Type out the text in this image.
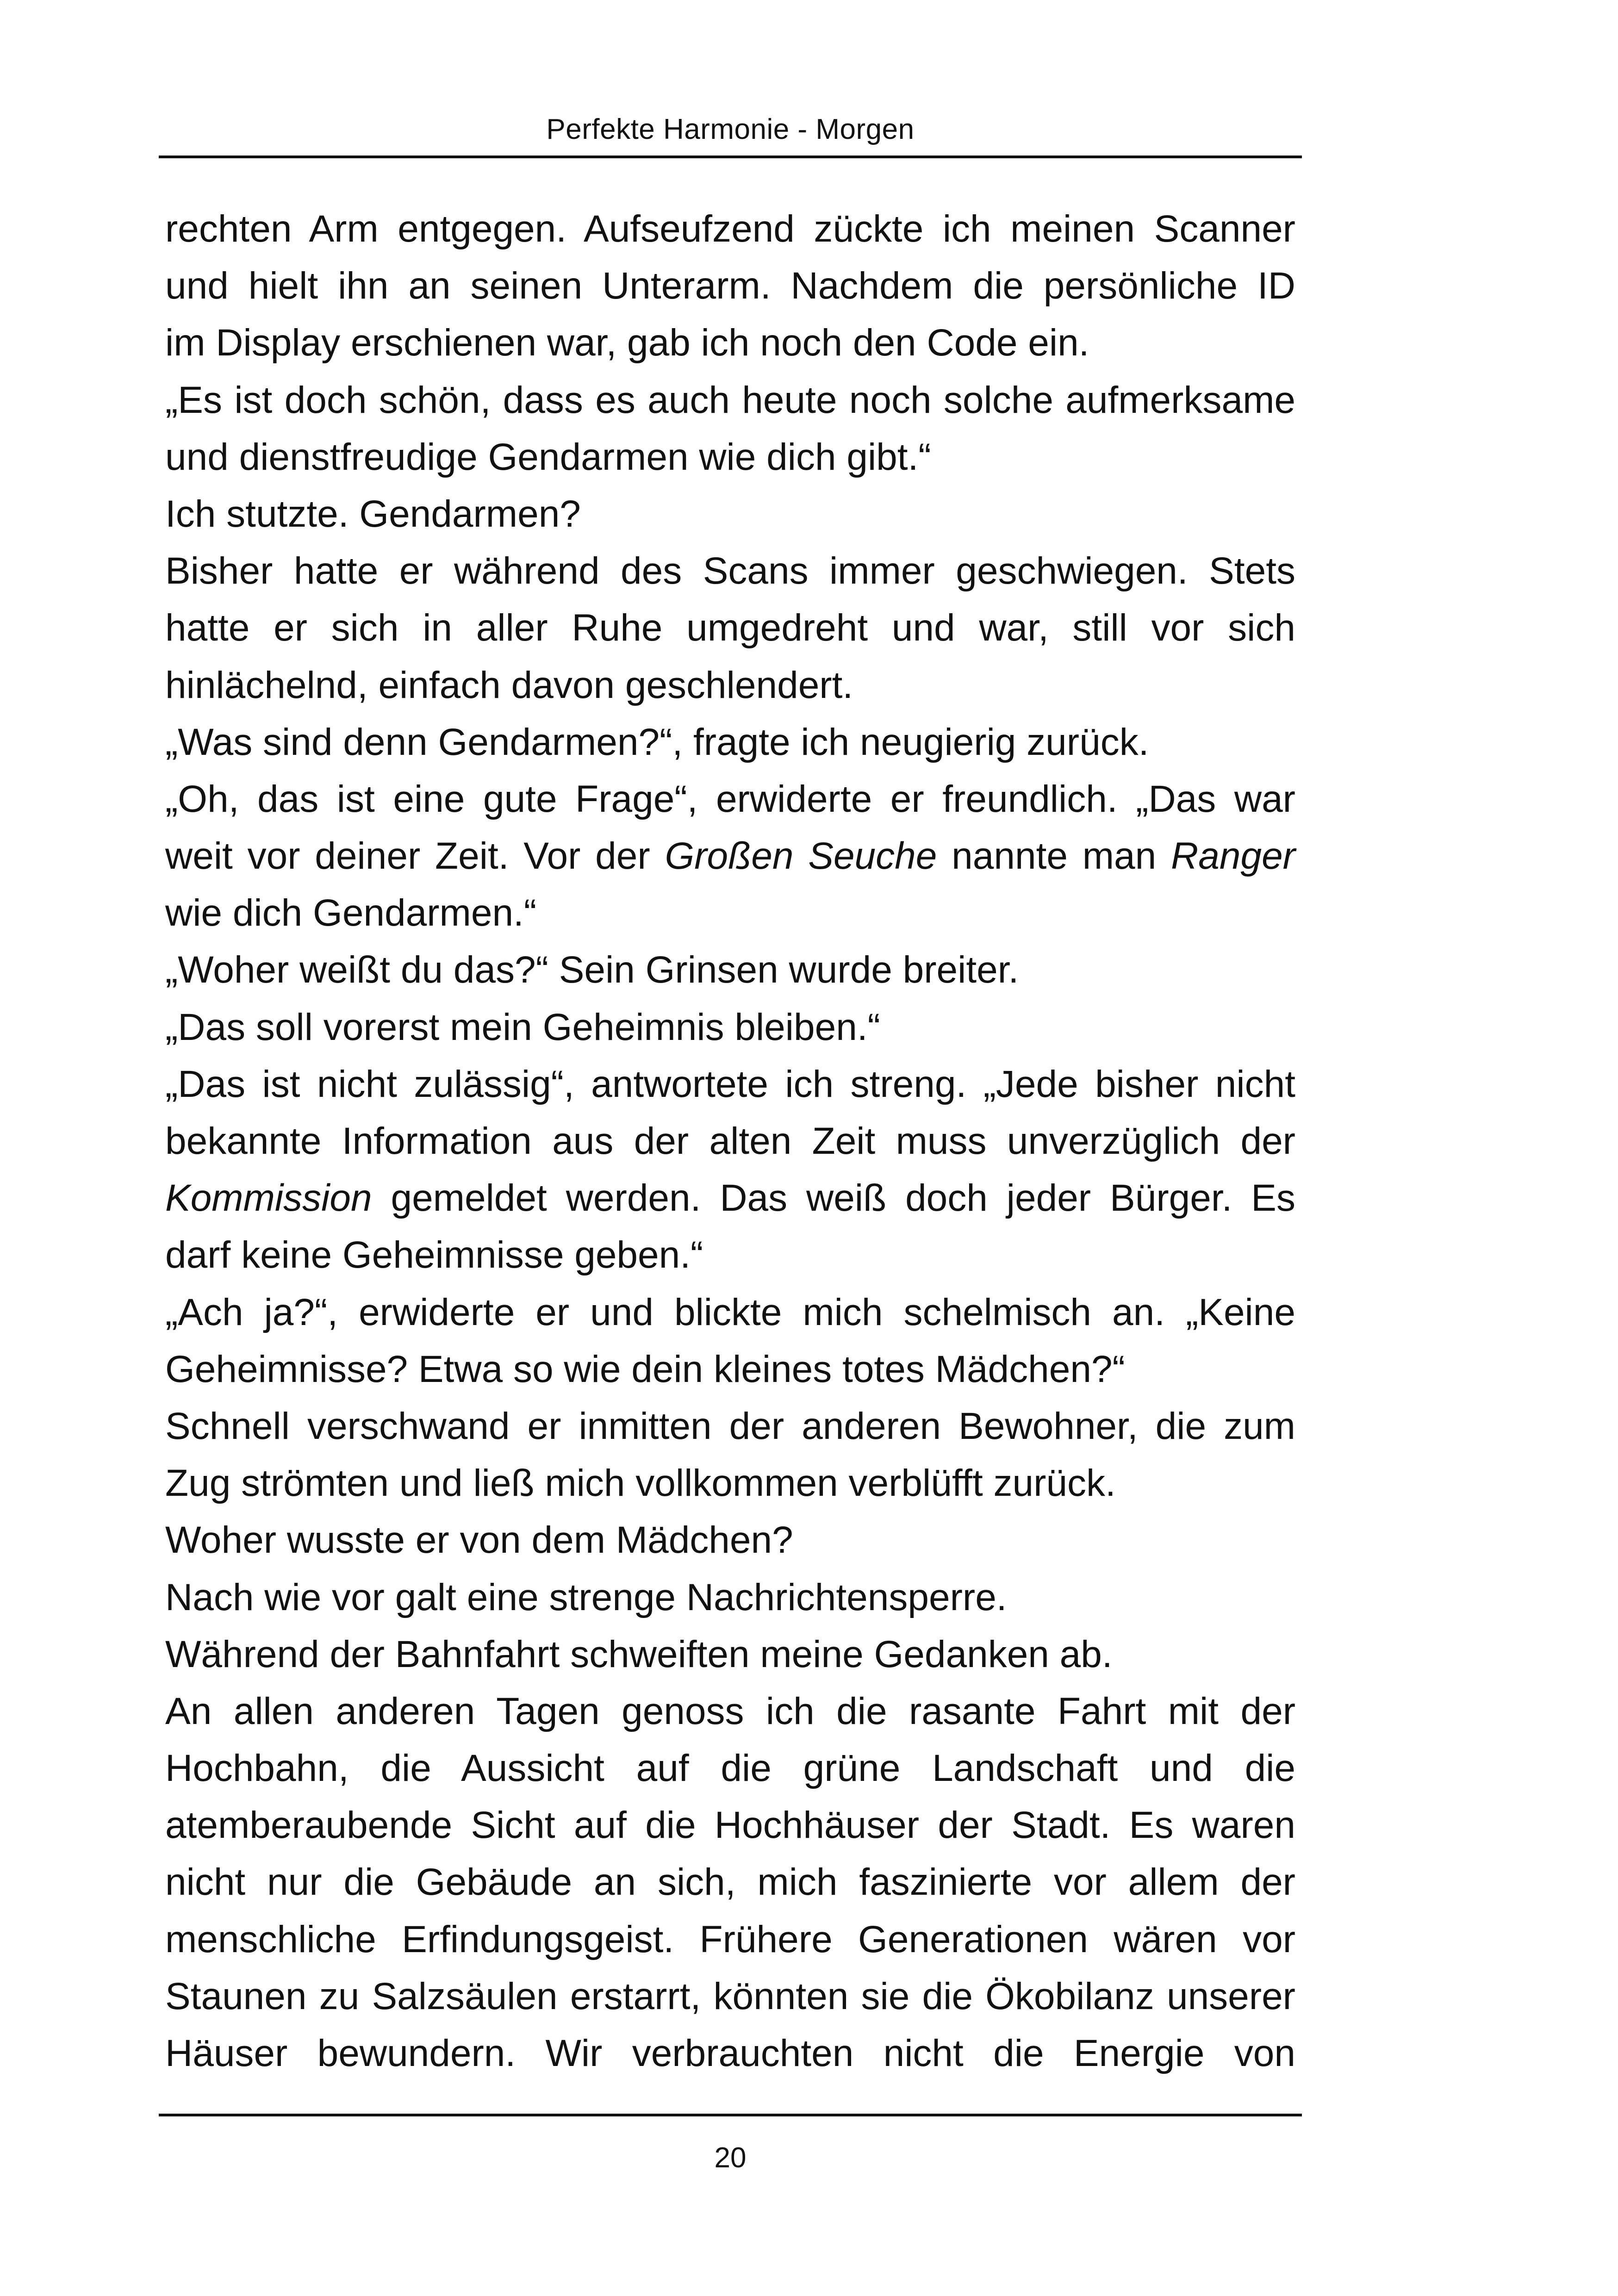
Perfekte Harmonie - Morgen
rechten Arm entgegen. Aufseufzend zückte ich meinen Scanner
und hielt ihn an seinen Unterarm. Nachdem die persönliche ID
im Display erschienen war, gab ich noch den Code ein.
„Es ist doch schön, dass es auch heute noch solche aufmerksame
und dienstfreudige Gendarmen wie dich gibt.“
Ich stutzte. Gendarmen?
Bisher hatte er während des Scans immer geschwiegen. Stets
hatte er sich in aller Ruhe umgedreht und war, still vor sich
hinlächelnd, einfach davon geschlendert.
„Was sind denn Gendarmen?“, fragte ich neugierig zurück.
„Oh, das ist eine gute Frage“, erwiderte er freundlich. „Das war
weit vor deiner Zeit. Vor der Großen Seuche nannte man Ranger
wie dich Gendarmen.“
„Woher weißt du das?“ Sein Grinsen wurde breiter.
„Das soll vorerst mein Geheimnis bleiben.“
„Das ist nicht zulässig“, antwortete ich streng. „Jede bisher nicht
bekannte Information aus der alten Zeit muss unverzüglich der
Kommission gemeldet werden. Das weiß doch jeder Bürger. Es
darf keine Geheimnisse geben.“
„Ach ja?“, erwiderte er und blickte mich schelmisch an. „Keine
Geheimnisse? Etwa so wie dein kleines totes Mädchen?“
Schnell verschwand er inmitten der anderen Bewohner, die zum
Zug strömten und ließ mich vollkommen verblüfft zurück.
Woher wusste er von dem Mädchen?
Nach wie vor galt eine strenge Nachrichtensperre.
Während der Bahnfahrt schweiften meine Gedanken ab.
An allen anderen Tagen genoss ich die rasante Fahrt mit der
Hochbahn, die Aussicht auf die grüne Landschaft und die
atemberaubende Sicht auf die Hochhäuser der Stadt. Es waren
nicht nur die Gebäude an sich, mich faszinierte vor allem der
menschliche Erfindungsgeist. Frühere Generationen wären vor
Staunen zu Salzsäulen erstarrt, könnten sie die Ökobilanz unserer
Häuser bewundern. Wir verbrauchten nicht die Energie von
20
